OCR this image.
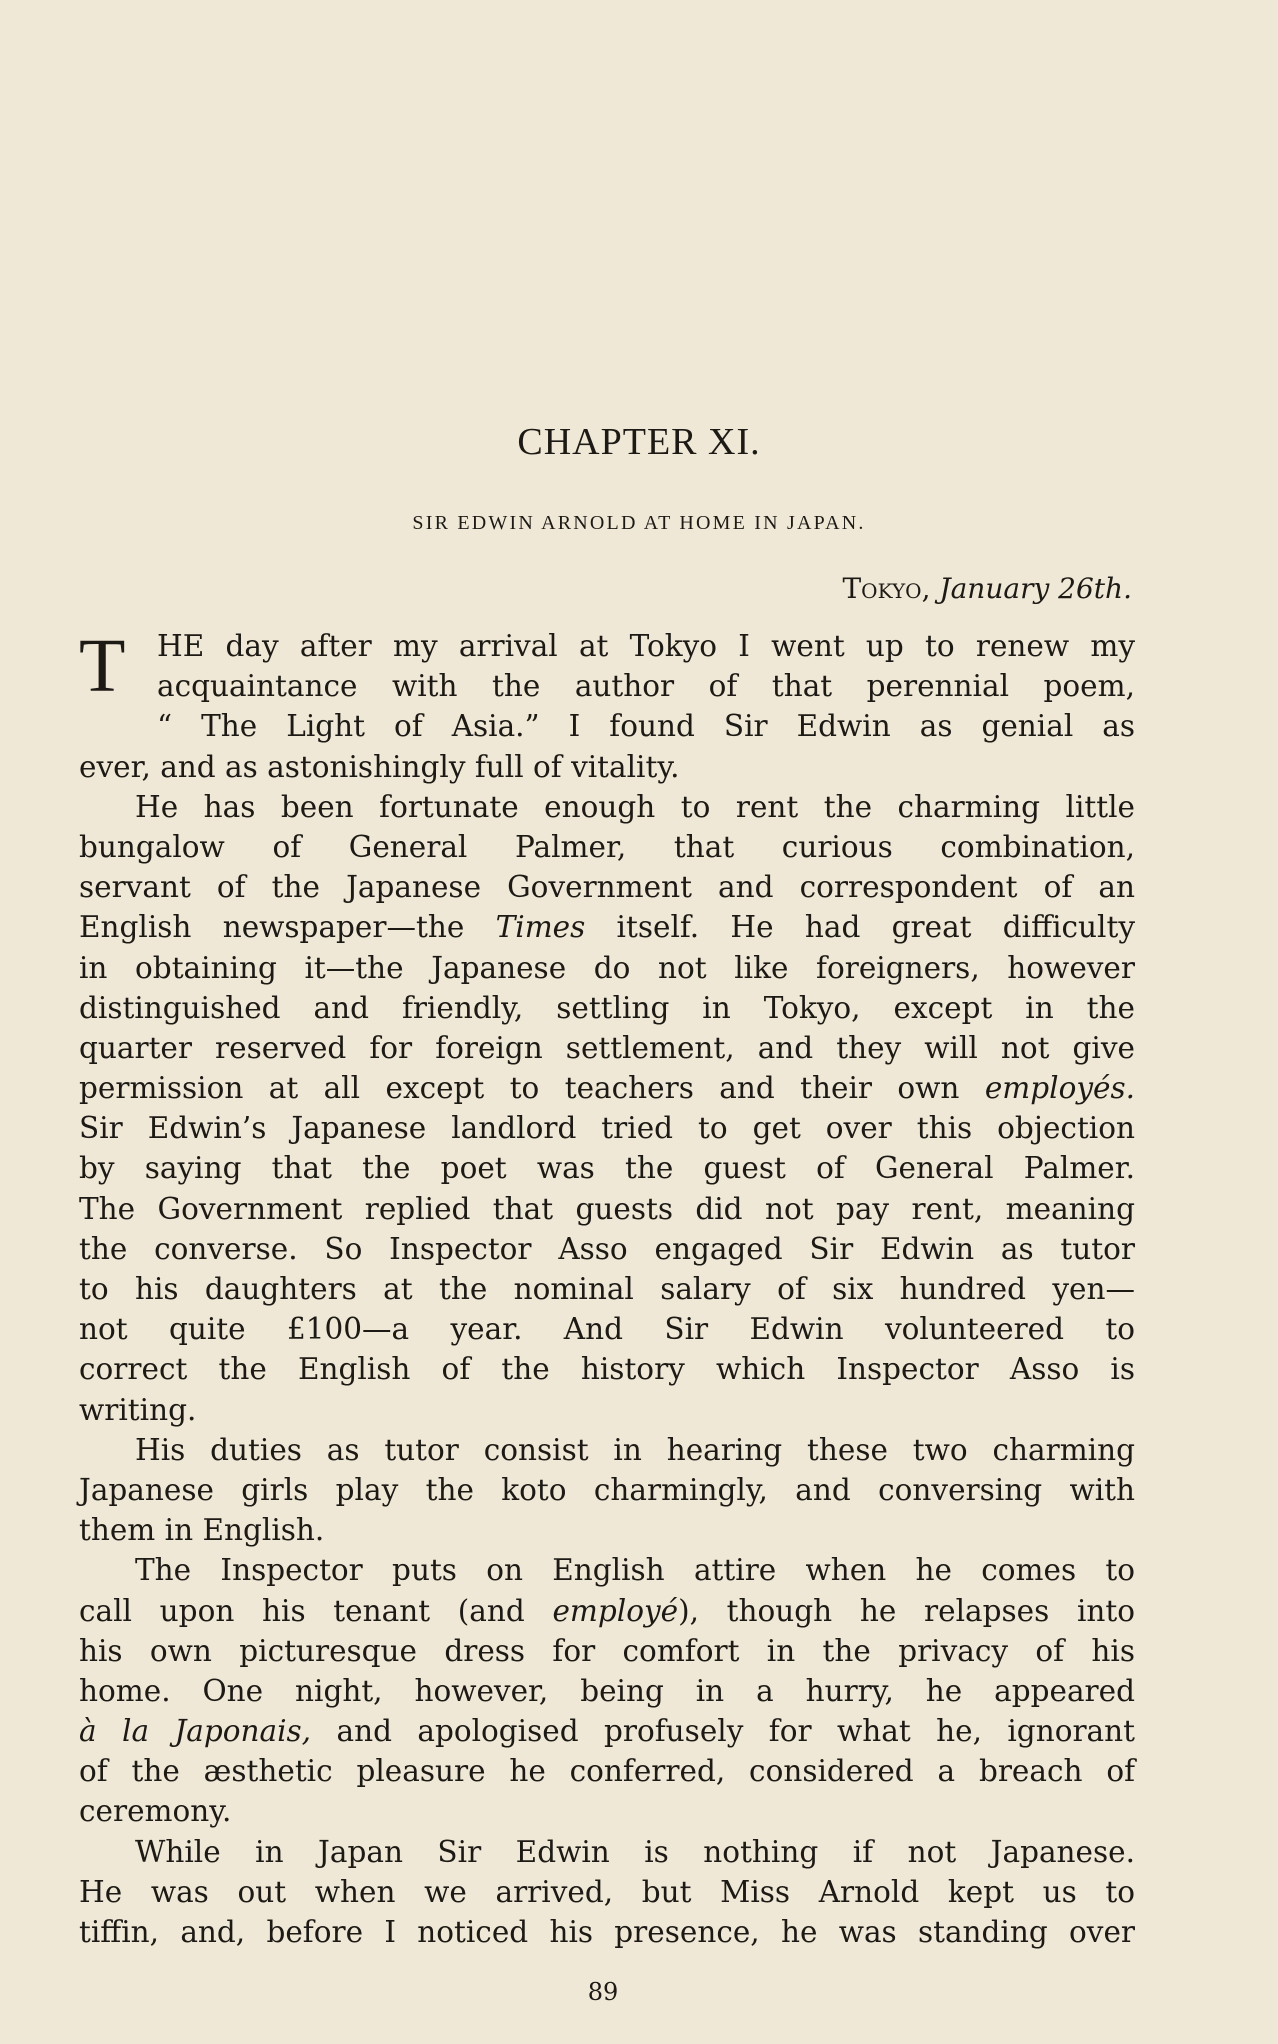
CHAPTER XI.

SIR EDWIN ARNOLD AT HOME IN JAPAN.

Tokyo, January 26th.

T	HE day after my arrival at Tokyo I went up to renew my
acquaintance with the author of that perennial poem,
“ The Light of Asia.” I found Sir Edwin as genial as
ever, and as astonishingly full of vitality.
He has been fortunate enough to rent the charming little
bungalow of General Palmer, that curious combination,
servant of the Japanese Government and correspondent of an
English newspaper—the Times itself. He had great difficulty
in obtaining it—the Japanese do not like foreigners, however
distinguished and friendly, settling in Tokyo, except in the
quarter reserved for foreign settlement, and they will not give
permission at all except to teachers and their own employés.
Sir Edwin’s Japanese landlord tried to get over this objection
by saying that the poet was the guest of General Palmer.
The Government replied that guests did not pay rent, meaning
the converse. So Inspector Asso engaged Sir Edwin as tutor
to his daughters at the nominal salary of six hundred yen—
not quite £100—a year. And Sir Edwin volunteered to
correct the English of the history which Inspector Asso is
writing.
His duties as tutor consist in hearing these two charming
Japanese girls play the koto charmingly, and conversing with
them in English.
The Inspector puts on English attire when he comes to
call upon his tenant (and employé), though he relapses into
his own picturesque dress for comfort in the privacy of his
home. One night, however, being in a hurry, he appeared
à la Japonais, and apologised profusely for what he, ignorant
of the æsthetic pleasure he conferred, considered a breach of
ceremony.
While in Japan Sir Edwin is nothing if not Japanese.
He was out when we arrived, but Miss Arnold kept us to
tiffin, and, before I noticed his presence, he was standing over

89
